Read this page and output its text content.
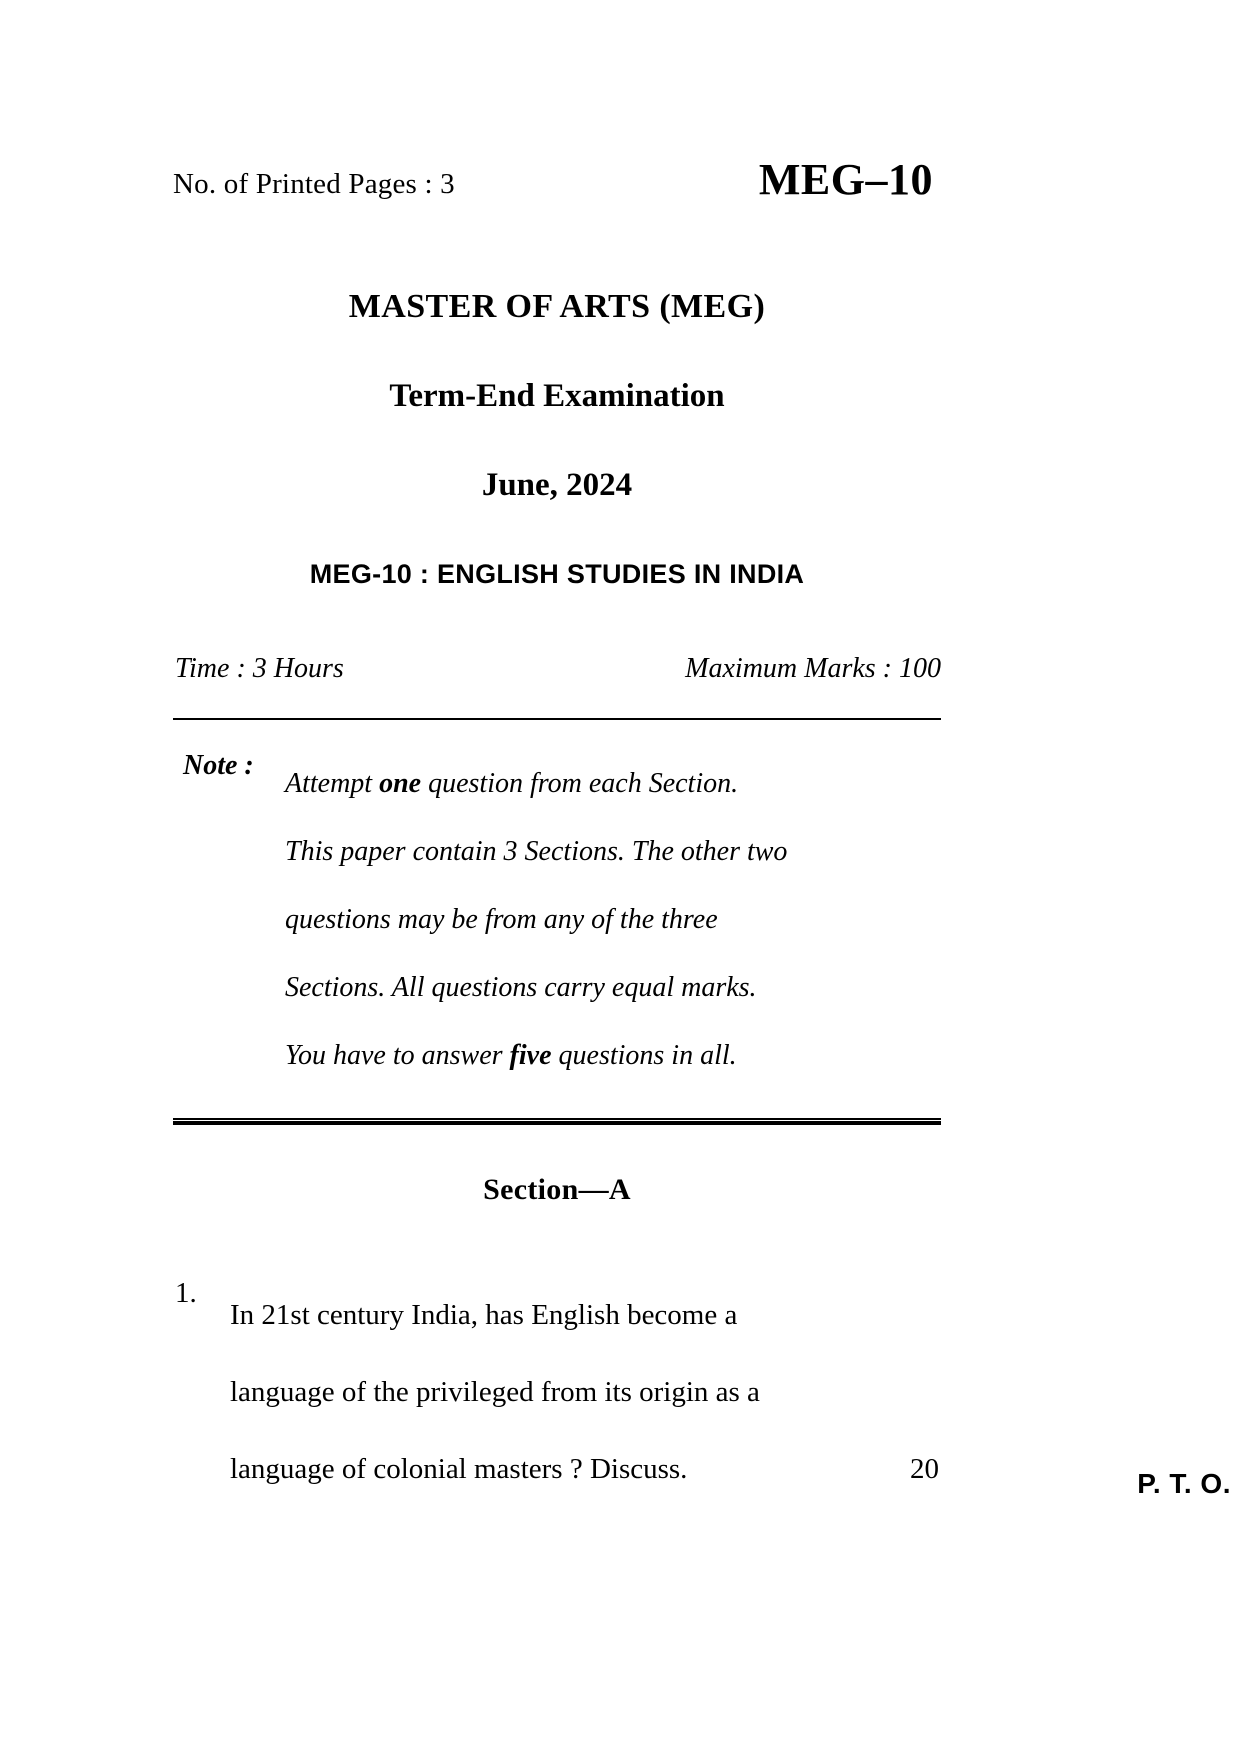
No. of Printed Pages : 3	MEG–10
MASTER OF ARTS (MEG)
Term-End Examination
June, 2024
MEG-10 : ENGLISH STUDIES IN INDIA
Time : 3 Hours	Maximum Marks : 100
Note :
Attempt one question from each Section.
This paper contain 3 Sections. The other two
questions may be from any of the three
Sections. All questions carry equal marks.
You have to answer five questions in all.
Section—A
1.
In 21st century India, has English become a
language of the privileged from its origin as a
language of colonial masters ? Discuss.	20	P. T. O.
